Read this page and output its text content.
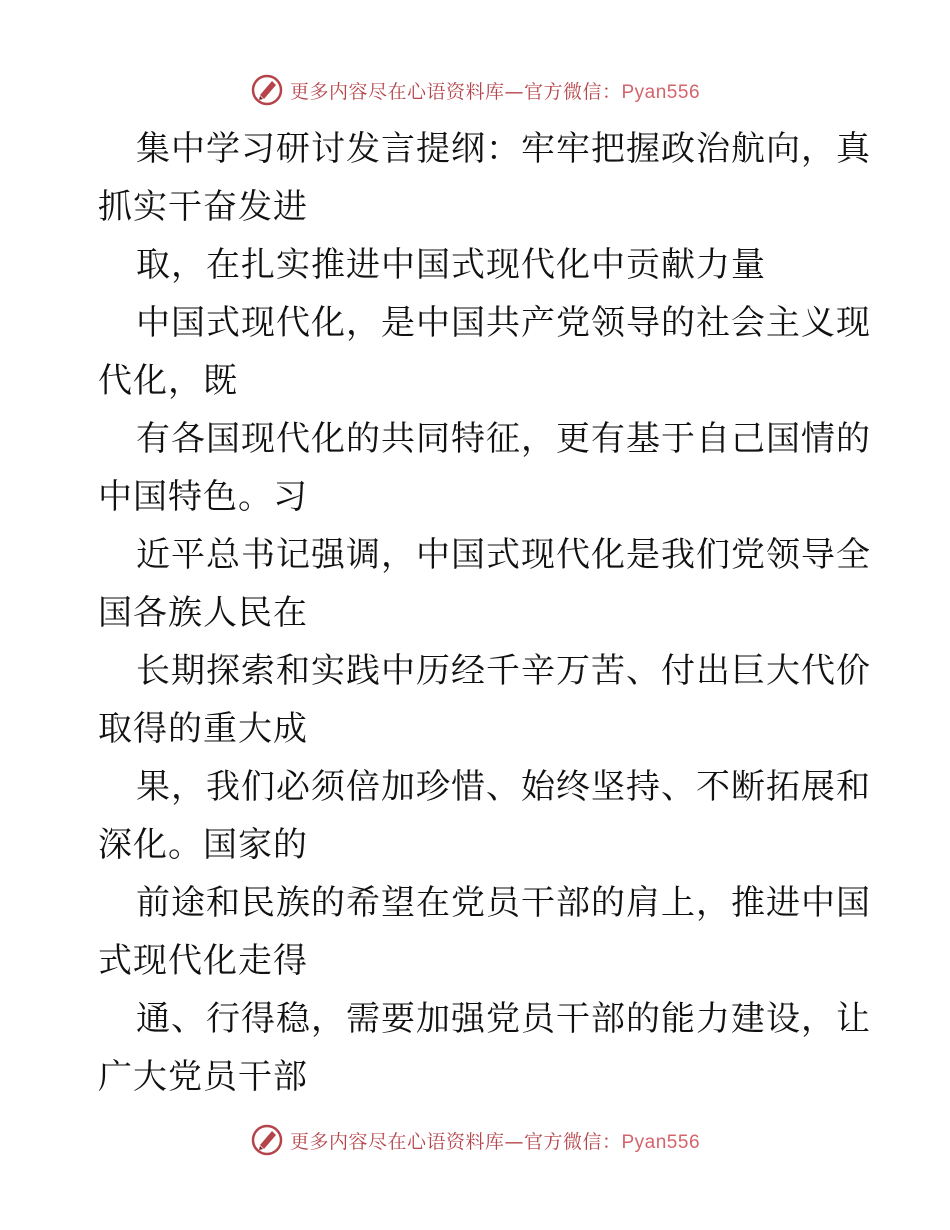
更多内容尽在心语资料库—官方微信：Pyan556
集中学习研讨发言提纲：牢牢把握政治航向，真
抓实干奋发进
取，在扎实推进中国式现代化中贡献力量
中国式现代化，是中国共产党领导的社会主义现
代化，既
有各国现代化的共同特征，更有基于自己国情的
中国特色。习
近平总书记强调，中国式现代化是我们党领导全
国各族人民在
长期探索和实践中历经千辛万苦、付出巨大代价
取得的重大成
果，我们必须倍加珍惜、始终坚持、不断拓展和
深化。国家的
前途和民族的希望在党员干部的肩上，推进中国
式现代化走得
通、行得稳，需要加强党员干部的能力建设，让
广大党员干部
更多内容尽在心语资料库—官方微信：Pyan556
